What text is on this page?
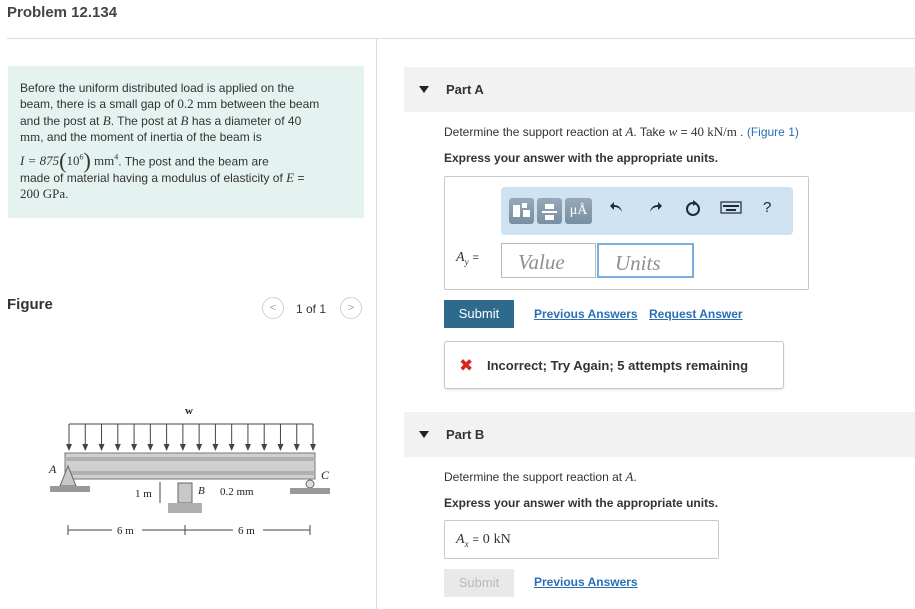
Problem 12.134
Before the uniform distributed load is applied on the
beam, there is a small gap of 0.2 mm between the beam
and the post at B. The post at B has a diameter of 40
mm, and the moment of inertia of the beam is
$I = 875(10^6)$ $mm^4$. The post and the beam are
made of material having a modulus of elasticity of E =
200 GPa.
Figure	<	1 of 1	>
w
A	C
1 m	B 0.2 mm
6 m	6 m
Part A
Determine the support reaction at A. Take w = 40 kN/m . (Figure 1)
Express your answer with the appropriate units.
μÅ	?
$A_y$ =	Value	Units
Submit	Previous Answers Request Answer
✖ Incorrect; Try Again; 5 attempts remaining
Part B
Determine the support reaction at A.
Express your answer with the appropriate units.
$A_x = 0$ kN
Submit	Previous Answers
